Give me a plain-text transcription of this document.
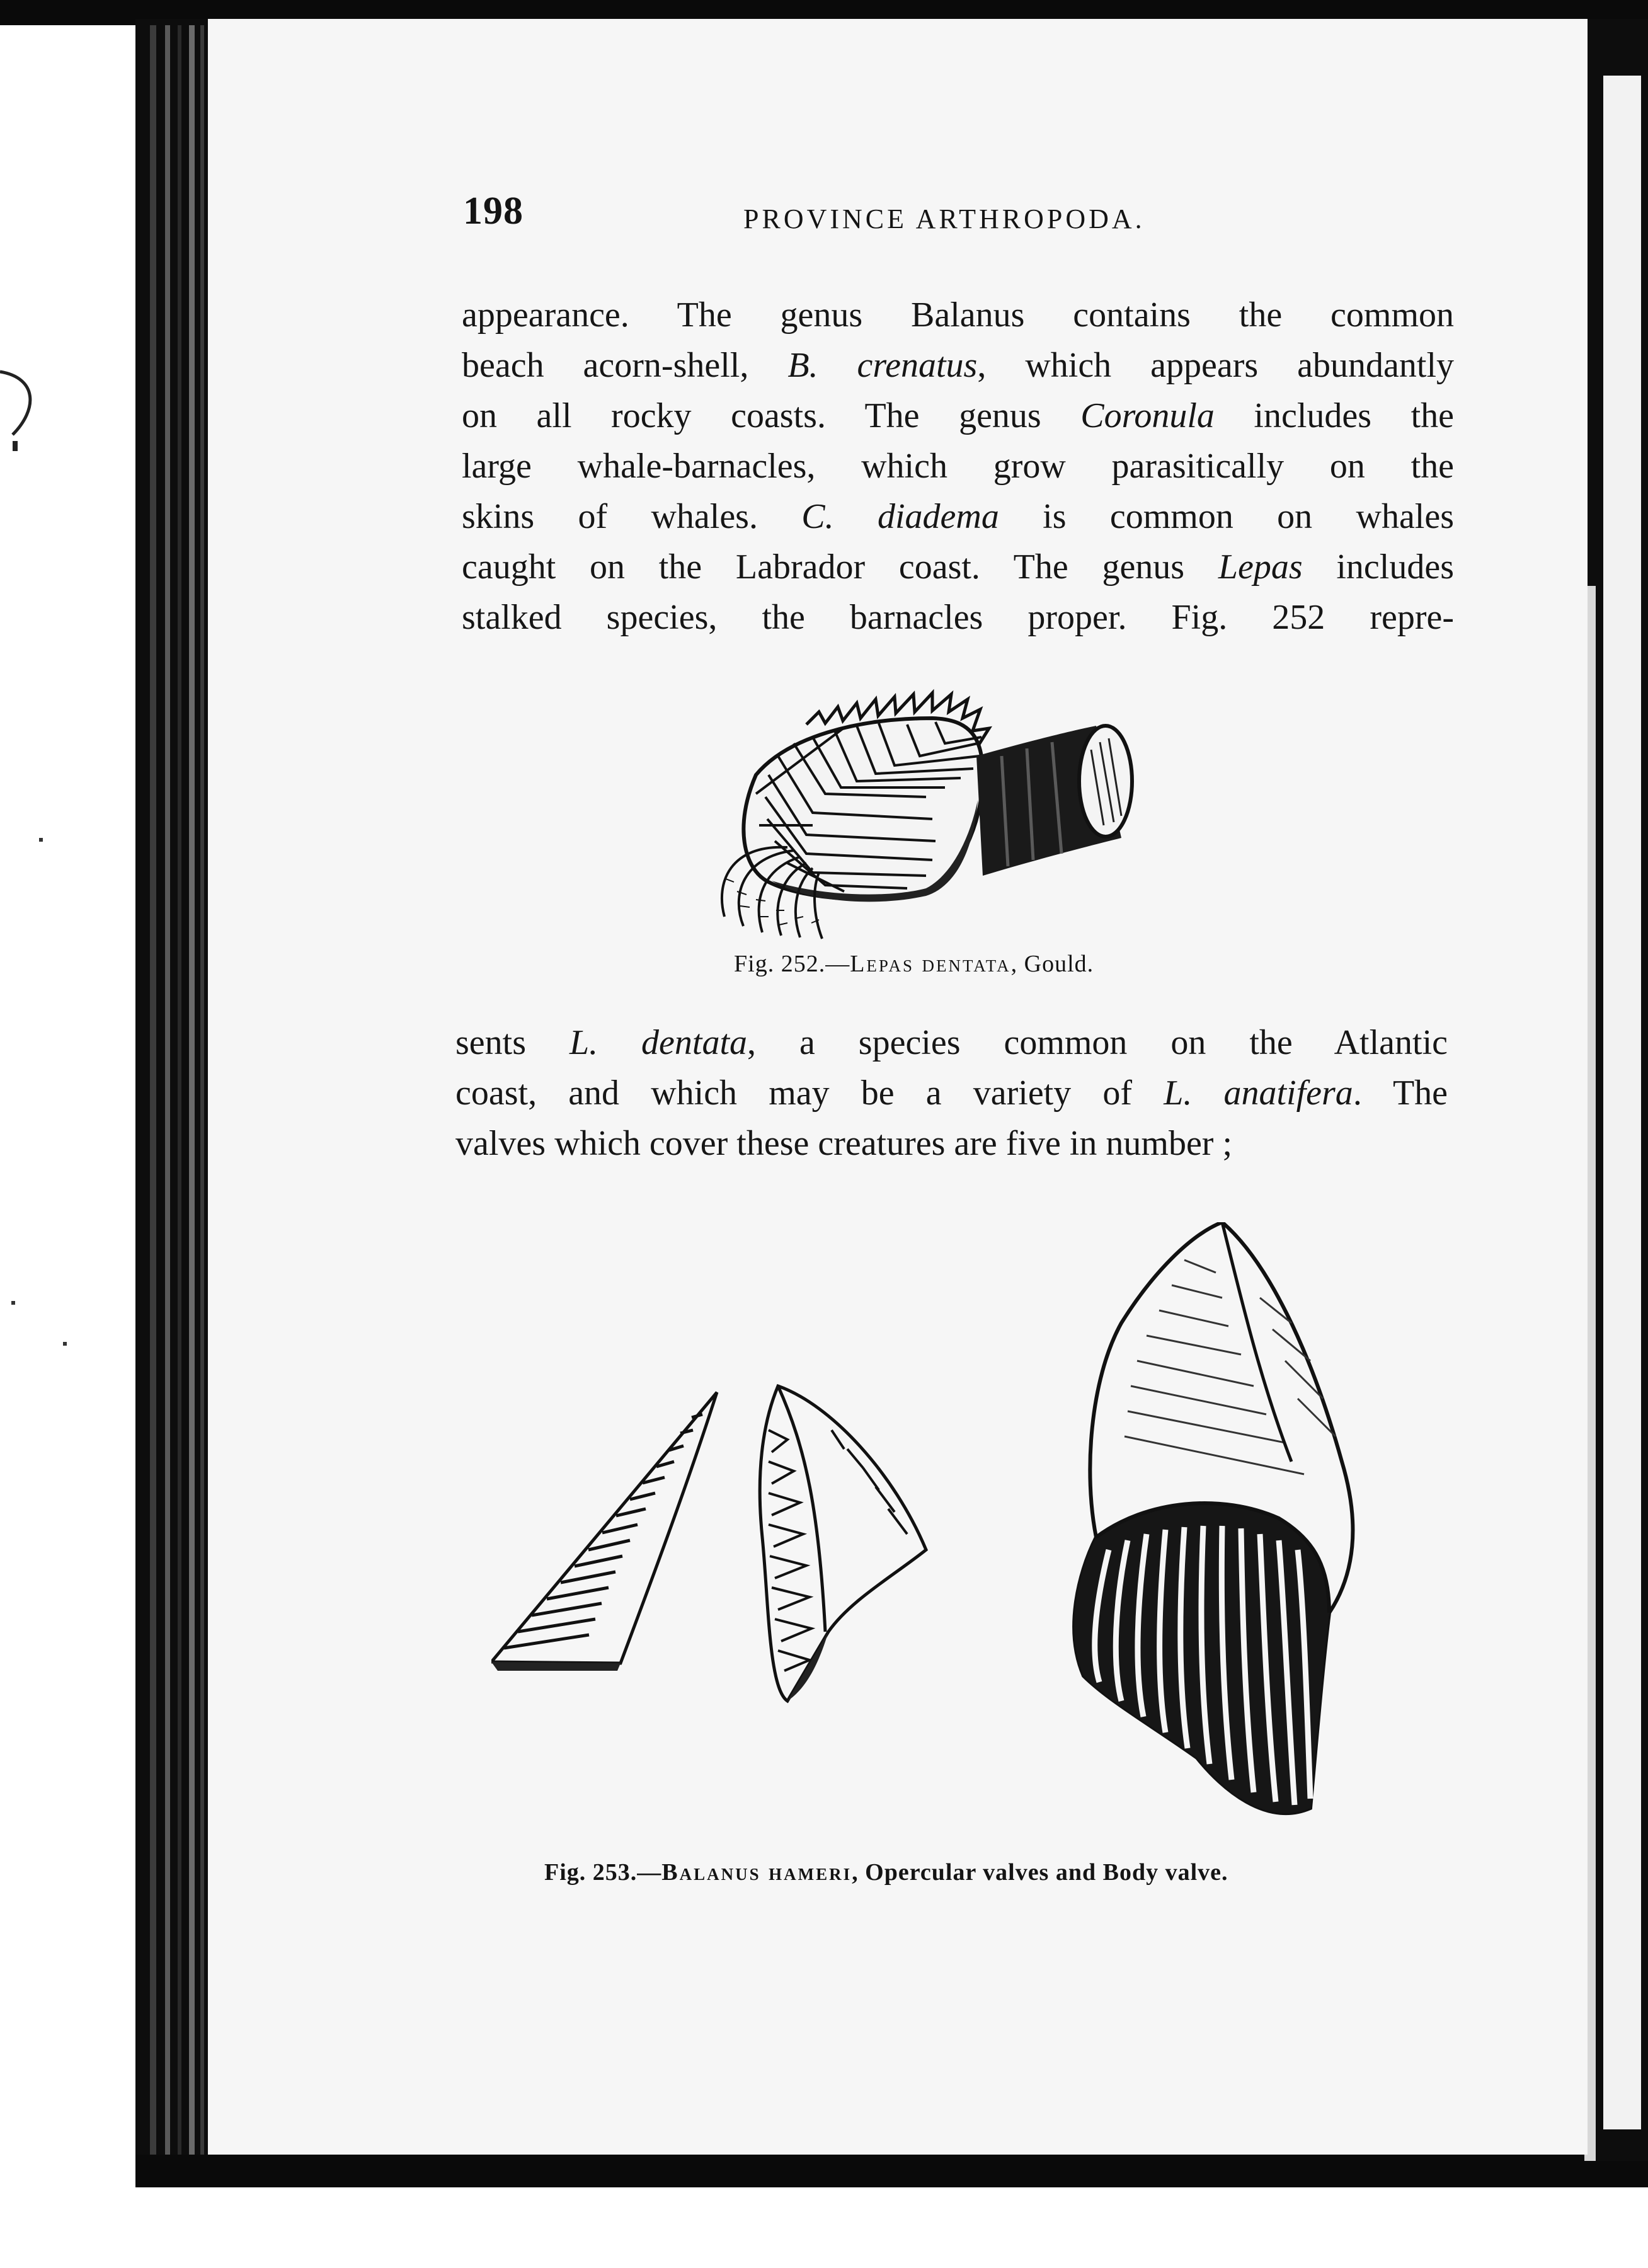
198	PROVINCE ARTHROPODA.
appearance. The genus Balanus contains the common
beach acorn-shell, B. crenatus, which appears abundantly
on all rocky coasts. The genus Coronula includes the
large whale-barnacles, which grow parasitically on the
skins of whales. C. diadema is common on whales
caught on the Labrador coast. The genus Lepas includes
stalked species, the barnacles proper. Fig. 252 repre-
Fig. 252.—Lepas dentata, Gould.
sents L. dentata, a species common on the Atlantic
coast, and which may be a variety of L. anatifera. The
valves which cover these creatures are five in number ;
Fig. 253.—Balanus hameri, Opercular valves and Body valve.
